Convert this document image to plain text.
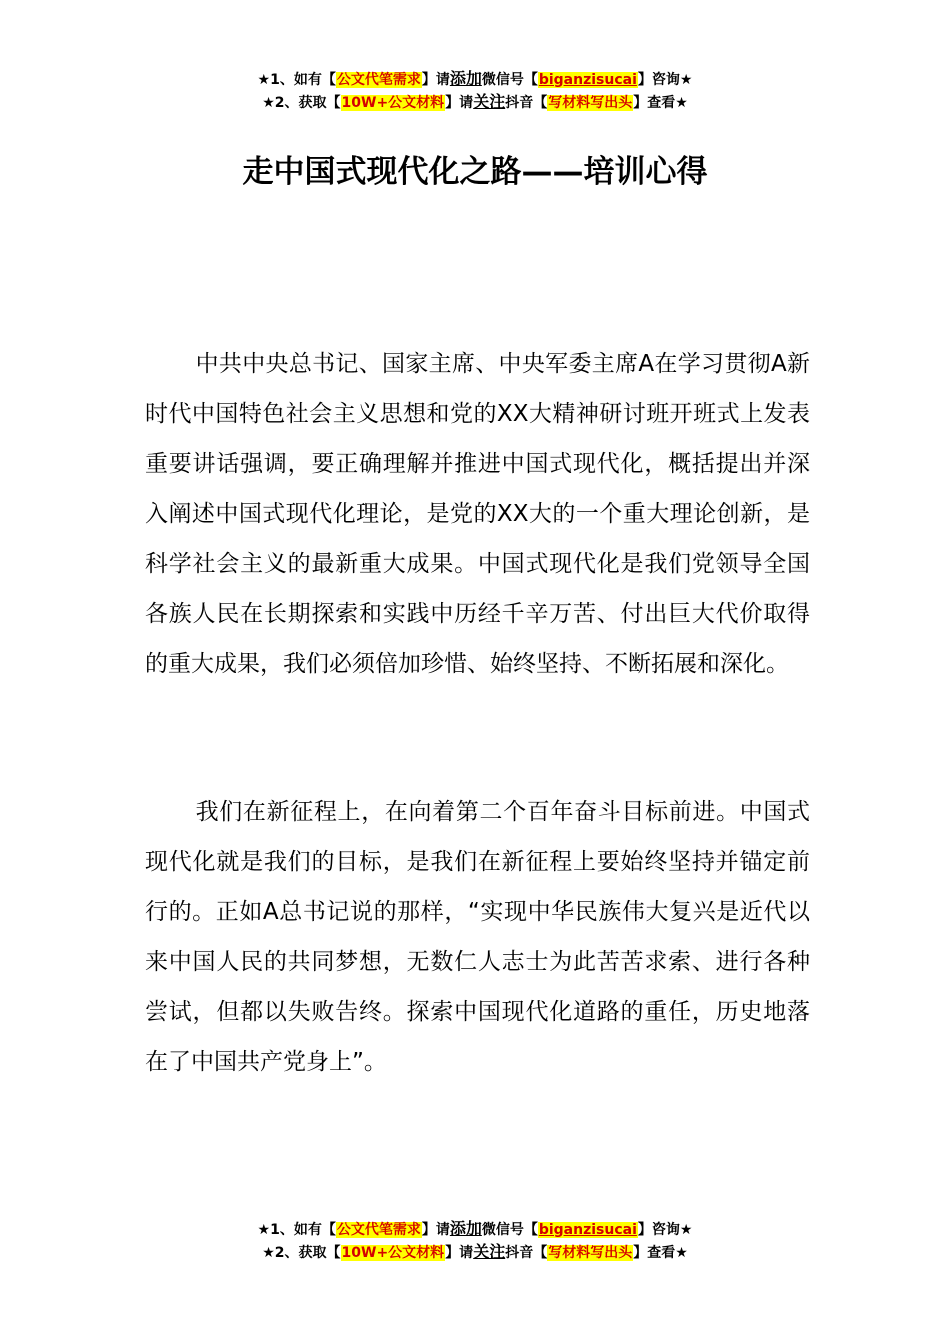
★1、如有【公文代笔需求】请添加微信号【biganzisucai】咨询★
★2、获取【10W+公文材料】请关注抖音【写材料写出头】查看★
走中国式现代化之路——培训心得

中共中央总书记、国家主席、中央军委主席A在学习贯彻A新时代中国特色社会主义思想和党的XX大精神研讨班开班式上发表重要讲话强调，要正确理解并推进中国式现代化，概括提出并深入阐述中国式现代化理论，是党的XX大的一个重大理论创新，是科学社会主义的最新重大成果。中国式现代化是我们党领导全国各族人民在长期探索和实践中历经千辛万苦、付出巨大代价取得的重大成果，我们必须倍加珍惜、始终坚持、不断拓展和深化。

我们在新征程上，在向着第二个百年奋斗目标前进。中国式现代化就是我们的目标，是我们在新征程上要始终坚持并锚定前行的。正如A总书记说的那样，“实现中华民族伟大复兴是近代以来中国人民的共同梦想，无数仁人志士为此苦苦求索、进行各种尝试，但都以失败告终。探索中国现代化道路的重任，历史地落在了中国共产党身上”。

★1、如有【公文代笔需求】请添加微信号【biganzisucai】咨询★
★2、获取【10W+公文材料】请关注抖音【写材料写出头】查看★
